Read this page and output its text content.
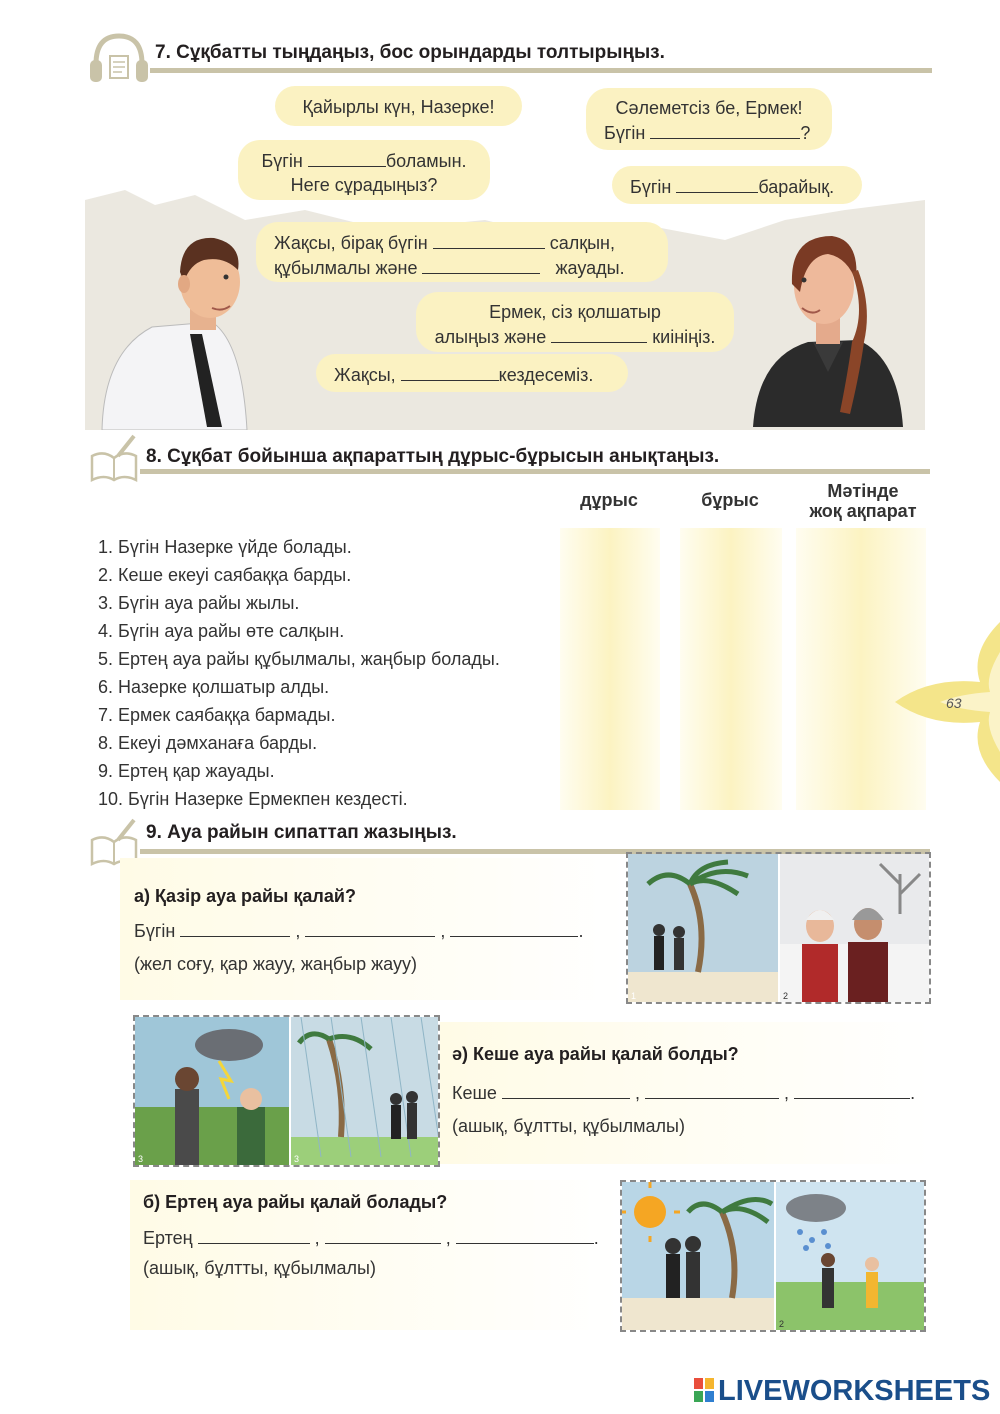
7. Сұқбатты тыңдаңыз, бос орындарды толтырыңыз.
Қайырлы күн, Назерке!	Сәлеметсіз бе, Ермек!
Бүгін	?
Бүгін	боламын.
Неге сұрадыңыз?	Бүгін	барайық.
Жақсы, бірақ бүгін	салқын,
құбылмалы және	жауады.
Ермек, сіз қолшатыр
алыңыз және	киініңіз.
Жақсы,	кездесеміз.
8. Сұқбат бойынша ақпараттың дұрыс-бұрысын анықтаңыз.
дұрыс	бұрыс	Мәтінде
жоқ ақпарат
1. Бүгін Назерке үйде болады.
2. Кеше екеуі саябаққа барды.
3. Бүгін ауа райы жылы.
4. Бүгін ауа райы өте салқын.
5. Ертең ауа райы құбылмалы, жаңбыр болады.
6. Назерке қолшатыр алды.
7. Ермек саябаққа бармады.
8. Екеуі дәмханаға барды.
9. Ертең қар жауады.
10. Бүгін Назерке Ермекпен кездесті.
63
9. Ауа райын сипаттап жазыңыз.
а) Қазір ауа райы қалай?
Бүгін	,	,	.
(жел соғу, қар жауу, жаңбыр жауу)
1	2
3	3
ә) Кеше ауа райы қалай болды?
Кеше	,	,	.
(ашық, бұлтты, құбылмалы)
б) Ертең ауа райы қалай болады?
Ертең	,	,	.
(ашық, бұлтты, құбылмалы)
2
LIVEWORKSHEETS
